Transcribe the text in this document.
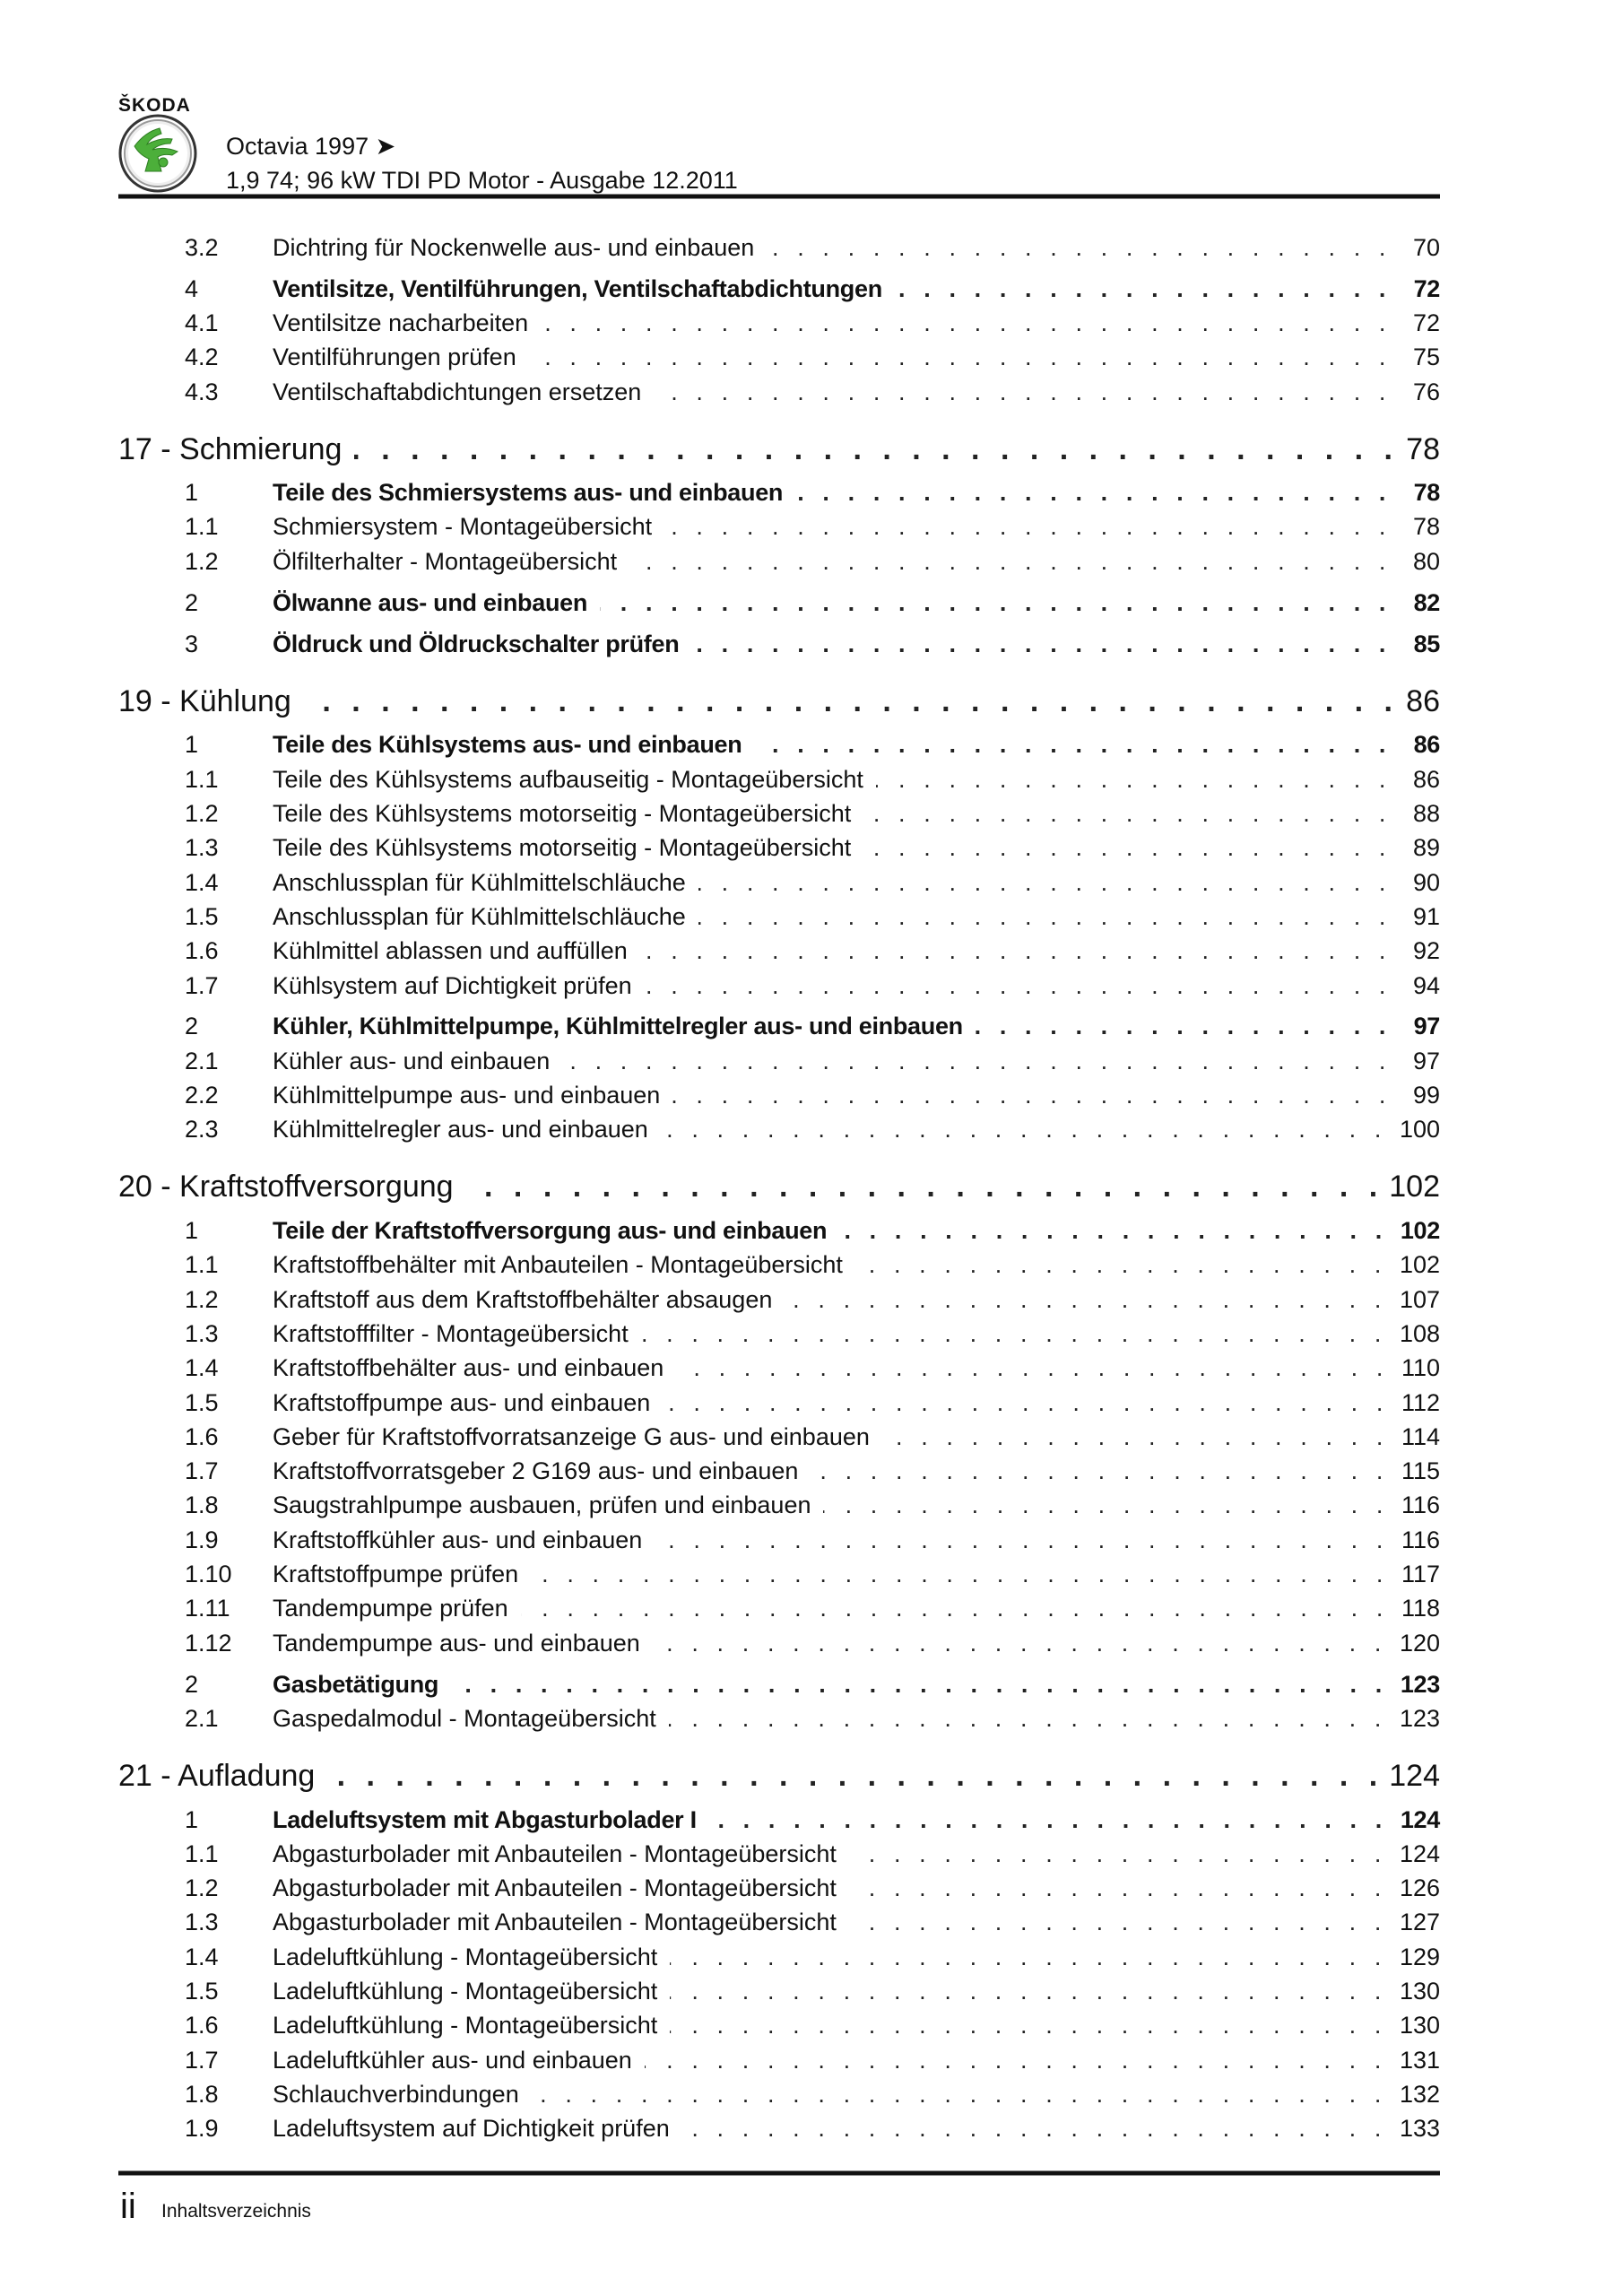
ŠKODA
Octavia 1997 ➤
1,9 74; 96 kW TDI PD Motor - Ausgabe 12.2011
3.2	Dichtring für Nockenwelle aus- und einbauen . . .	70
4	Ventilsitze, Ventilführungen, Ventilschaftabdichtungen . . .	72
4.1	Ventilsitze nacharbeiten . . .	72
4.2	Ventilführungen prüfen . . .	75
4.3	Ventilschaftabdichtungen ersetzen . . .	76
17 - Schmierung . . .	78
1	Teile des Schmiersystems aus- und einbauen . . .	78
1.1	Schmiersystem - Montageübersicht . . .	78
1.2	Ölfilterhalter - Montageübersicht . . .	80
2	Ölwanne aus- und einbauen . . .	82
3	Öldruck und Öldruckschalter prüfen . . .	85
19 - Kühlung . . .	86
1	Teile des Kühlsystems aus- und einbauen . . .	86
1.1	Teile des Kühlsystems aufbauseitig - Montageübersicht . . .	86
1.2	Teile des Kühlsystems motorseitig - Montageübersicht . . .	88
1.3	Teile des Kühlsystems motorseitig - Montageübersicht . . .	89
1.4	Anschlussplan für Kühlmittelschläuche . . .	90
1.5	Anschlussplan für Kühlmittelschläuche . . .	91
1.6	Kühlmittel ablassen und auffüllen . . .	92
1.7	Kühlsystem auf Dichtigkeit prüfen . . .	94
2	Kühler, Kühlmittelpumpe, Kühlmittelregler aus- und einbauen . . .	97
2.1	Kühler aus- und einbauen . . .	97
2.2	Kühlmittelpumpe aus- und einbauen . . .	99
2.3	Kühlmittelregler aus- und einbauen . . .	100
20 - Kraftstoffversorgung . . .	102
1	Teile der Kraftstoffversorgung aus- und einbauen . . .	102
1.1	Kraftstoffbehälter mit Anbauteilen - Montageübersicht . . .	102
1.2	Kraftstoff aus dem Kraftstoffbehälter absaugen . . .	107
1.3	Kraftstofffilter - Montageübersicht . . .	108
1.4	Kraftstoffbehälter aus- und einbauen . . .	110
1.5	Kraftstoffpumpe aus- und einbauen . . .	112
1.6	Geber für Kraftstoffvorratsanzeige G aus- und einbauen . . .	114
1.7	Kraftstoffvorratsgeber 2 G169 aus- und einbauen . . .	115
1.8	Saugstrahlpumpe ausbauen, prüfen und einbauen . . .	116
1.9	Kraftstoffkühler aus- und einbauen . . .	116
1.10	Kraftstoffpumpe prüfen . . .	117
1.11	Tandempumpe prüfen . . .	118
1.12	Tandempumpe aus- und einbauen . . .	120
2	Gasbetätigung . . .	123
2.1	Gaspedalmodul - Montageübersicht . . .	123
21 - Aufladung . . .	124
1	Ladeluftsystem mit Abgasturbolader I . . .	124
1.1	Abgasturbolader mit Anbauteilen - Montageübersicht . . .	124
1.2	Abgasturbolader mit Anbauteilen - Montageübersicht . . .	126
1.3	Abgasturbolader mit Anbauteilen - Montageübersicht . . .	127
1.4	Ladeluftkühlung - Montageübersicht . . .	129
1.5	Ladeluftkühlung - Montageübersicht . . .	130
1.6	Ladeluftkühlung - Montageübersicht . . .	130
1.7	Ladeluftkühler aus- und einbauen . . .	131
1.8	Schlauchverbindungen . . .	132
1.9	Ladeluftsystem auf Dichtigkeit prüfen . . .	133
ii Inhaltsverzeichnis
